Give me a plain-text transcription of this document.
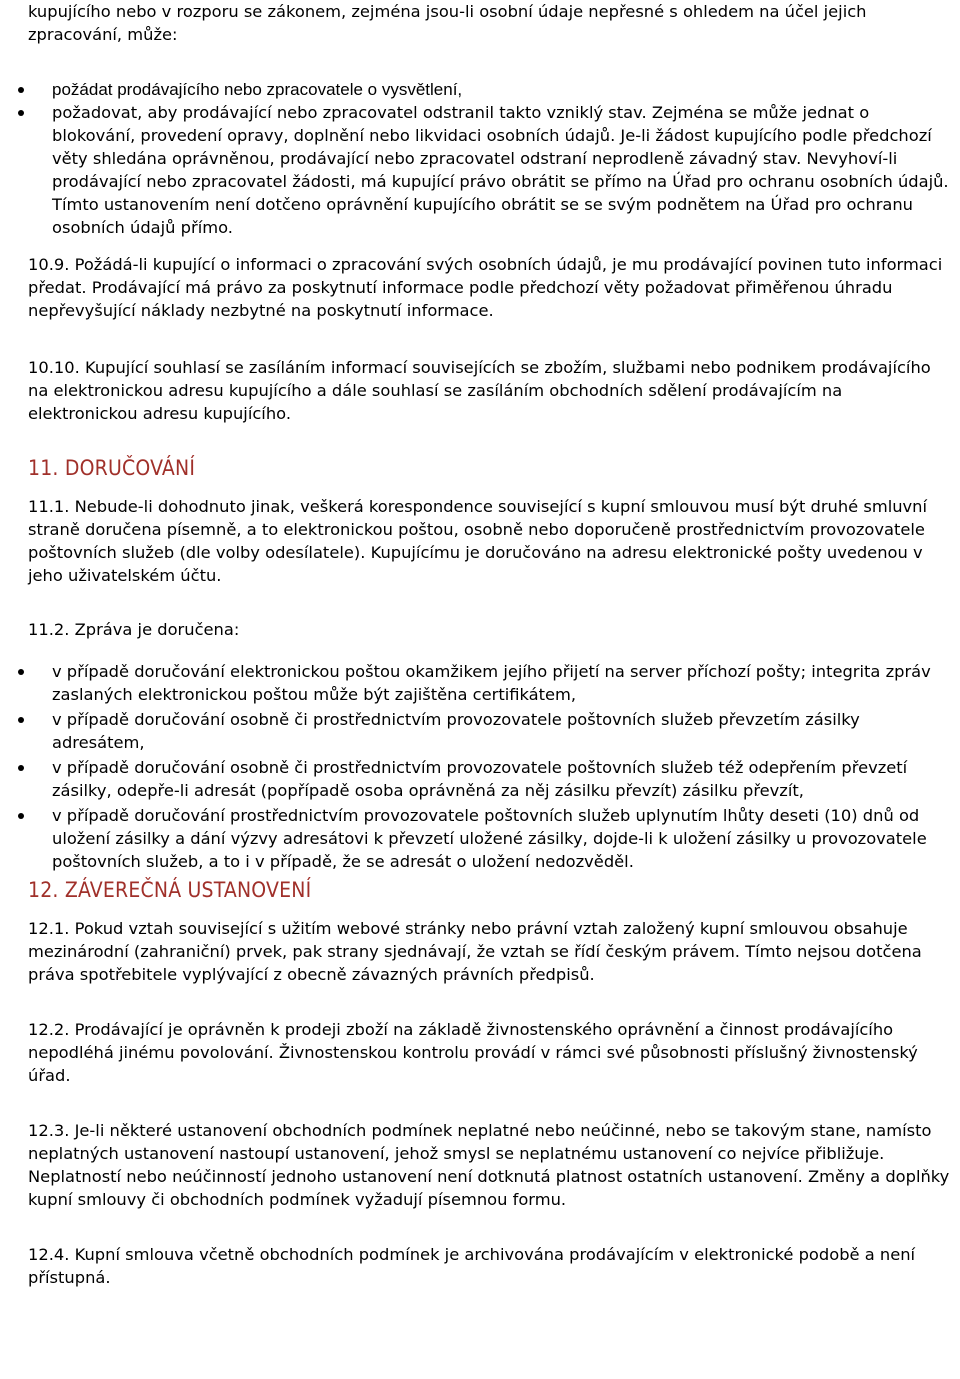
kupujícího nebo v rozporu se zákonem, zejména jsou-li osobní údaje nepřesné s ohledem na účel jejich zpracování, může:

požádat prodávajícího nebo zpracovatele o vysvětlení,
požadovat, aby prodávající nebo zpracovatel odstranil takto vzniklý stav. Zejména se může jednat o blokování, provedení opravy, doplnění nebo likvidaci osobních údajů. Je-li žádost kupujícího podle předchozí věty shledána oprávněnou, prodávající nebo zpracovatel odstraní neprodleně závadný stav. Nevyhoví-li prodávající nebo zpracovatel žádosti, má kupující právo obrátit se přímo na Úřad pro ochranu osobních údajů. Tímto ustanovením není dotčeno oprávnění kupujícího obrátit se se svým podnětem na Úřad pro ochranu osobních údajů přímo.

10.9. Požádá-li kupující o informaci o zpracování svých osobních údajů, je mu prodávající povinen tuto informaci předat. Prodávající má právo za poskytnutí informace podle předchozí věty požadovat přiměřenou úhradu nepřevyšující náklady nezbytné na poskytnutí informace.

10.10. Kupující souhlasí se zasíláním informací souvisejících se zbožím, službami nebo podnikem prodávajícího na elektronickou adresu kupujícího a dále souhlasí se zasíláním obchodních sdělení prodávajícím na elektronickou adresu kupujícího.

11. DORUČOVÁNÍ

11.1. Nebude-li dohodnuto jinak, veškerá korespondence související s kupní smlouvou musí být druhé smluvní straně doručena písemně, a to elektronickou poštou, osobně nebo doporučeně prostřednictvím provozovatele poštovních služeb (dle volby odesílatele). Kupujícímu je doručováno na adresu elektronické pošty uvedenou v jeho uživatelském účtu.

11.2. Zpráva je doručena:

v případě doručování elektronickou poštou okamžikem jejího přijetí na server příchozí pošty; integrita zpráv zaslaných elektronickou poštou může být zajištěna certifikátem,
v případě doručování osobně či prostřednictvím provozovatele poštovních služeb převzetím zásilky adresátem,
v případě doručování osobně či prostřednictvím provozovatele poštovních služeb též odepřením převzetí zásilky, odepře-li adresát (popřípadě osoba oprávněná za něj zásilku převzít) zásilku převzít,
v případě doručování prostřednictvím provozovatele poštovních služeb uplynutím lhůty deseti (10) dnů od uložení zásilky a dání výzvy adresátovi k převzetí uložené zásilky, dojde-li k uložení zásilky u provozovatele poštovních služeb, a to i v případě, že se adresát o uložení nedozvěděl.
12. ZÁVEREČNÁ USTANOVENÍ

12.1. Pokud vztah související s užitím webové stránky nebo právní vztah založený kupní smlouvou obsahuje mezinárodní (zahraniční) prvek, pak strany sjednávají, že vztah se řídí českým právem. Tímto nejsou dotčena práva spotřebitele vyplývající z obecně závazných právních předpisů.

12.2. Prodávající je oprávněn k prodeji zboží na základě živnostenského oprávnění a činnost prodávajícího nepodléhá jinému povolování. Živnostenskou kontrolu provádí v rámci své působnosti příslušný živnostenský úřad.

12.3. Je-li některé ustanovení obchodních podmínek neplatné nebo neúčinné, nebo se takovým stane, namísto neplatných ustanovení nastoupí ustanovení, jehož smysl se neplatnému ustanovení co nejvíce přibližuje. Neplatností nebo neúčinností jednoho ustanovení není dotknutá platnost ostatních ustanovení. Změny a doplňky kupní smlouvy či obchodních podmínek vyžadují písemnou formu.

12.4. Kupní smlouva včetně obchodních podmínek je archivována prodávajícím v elektronické podobě a není přístupná.
